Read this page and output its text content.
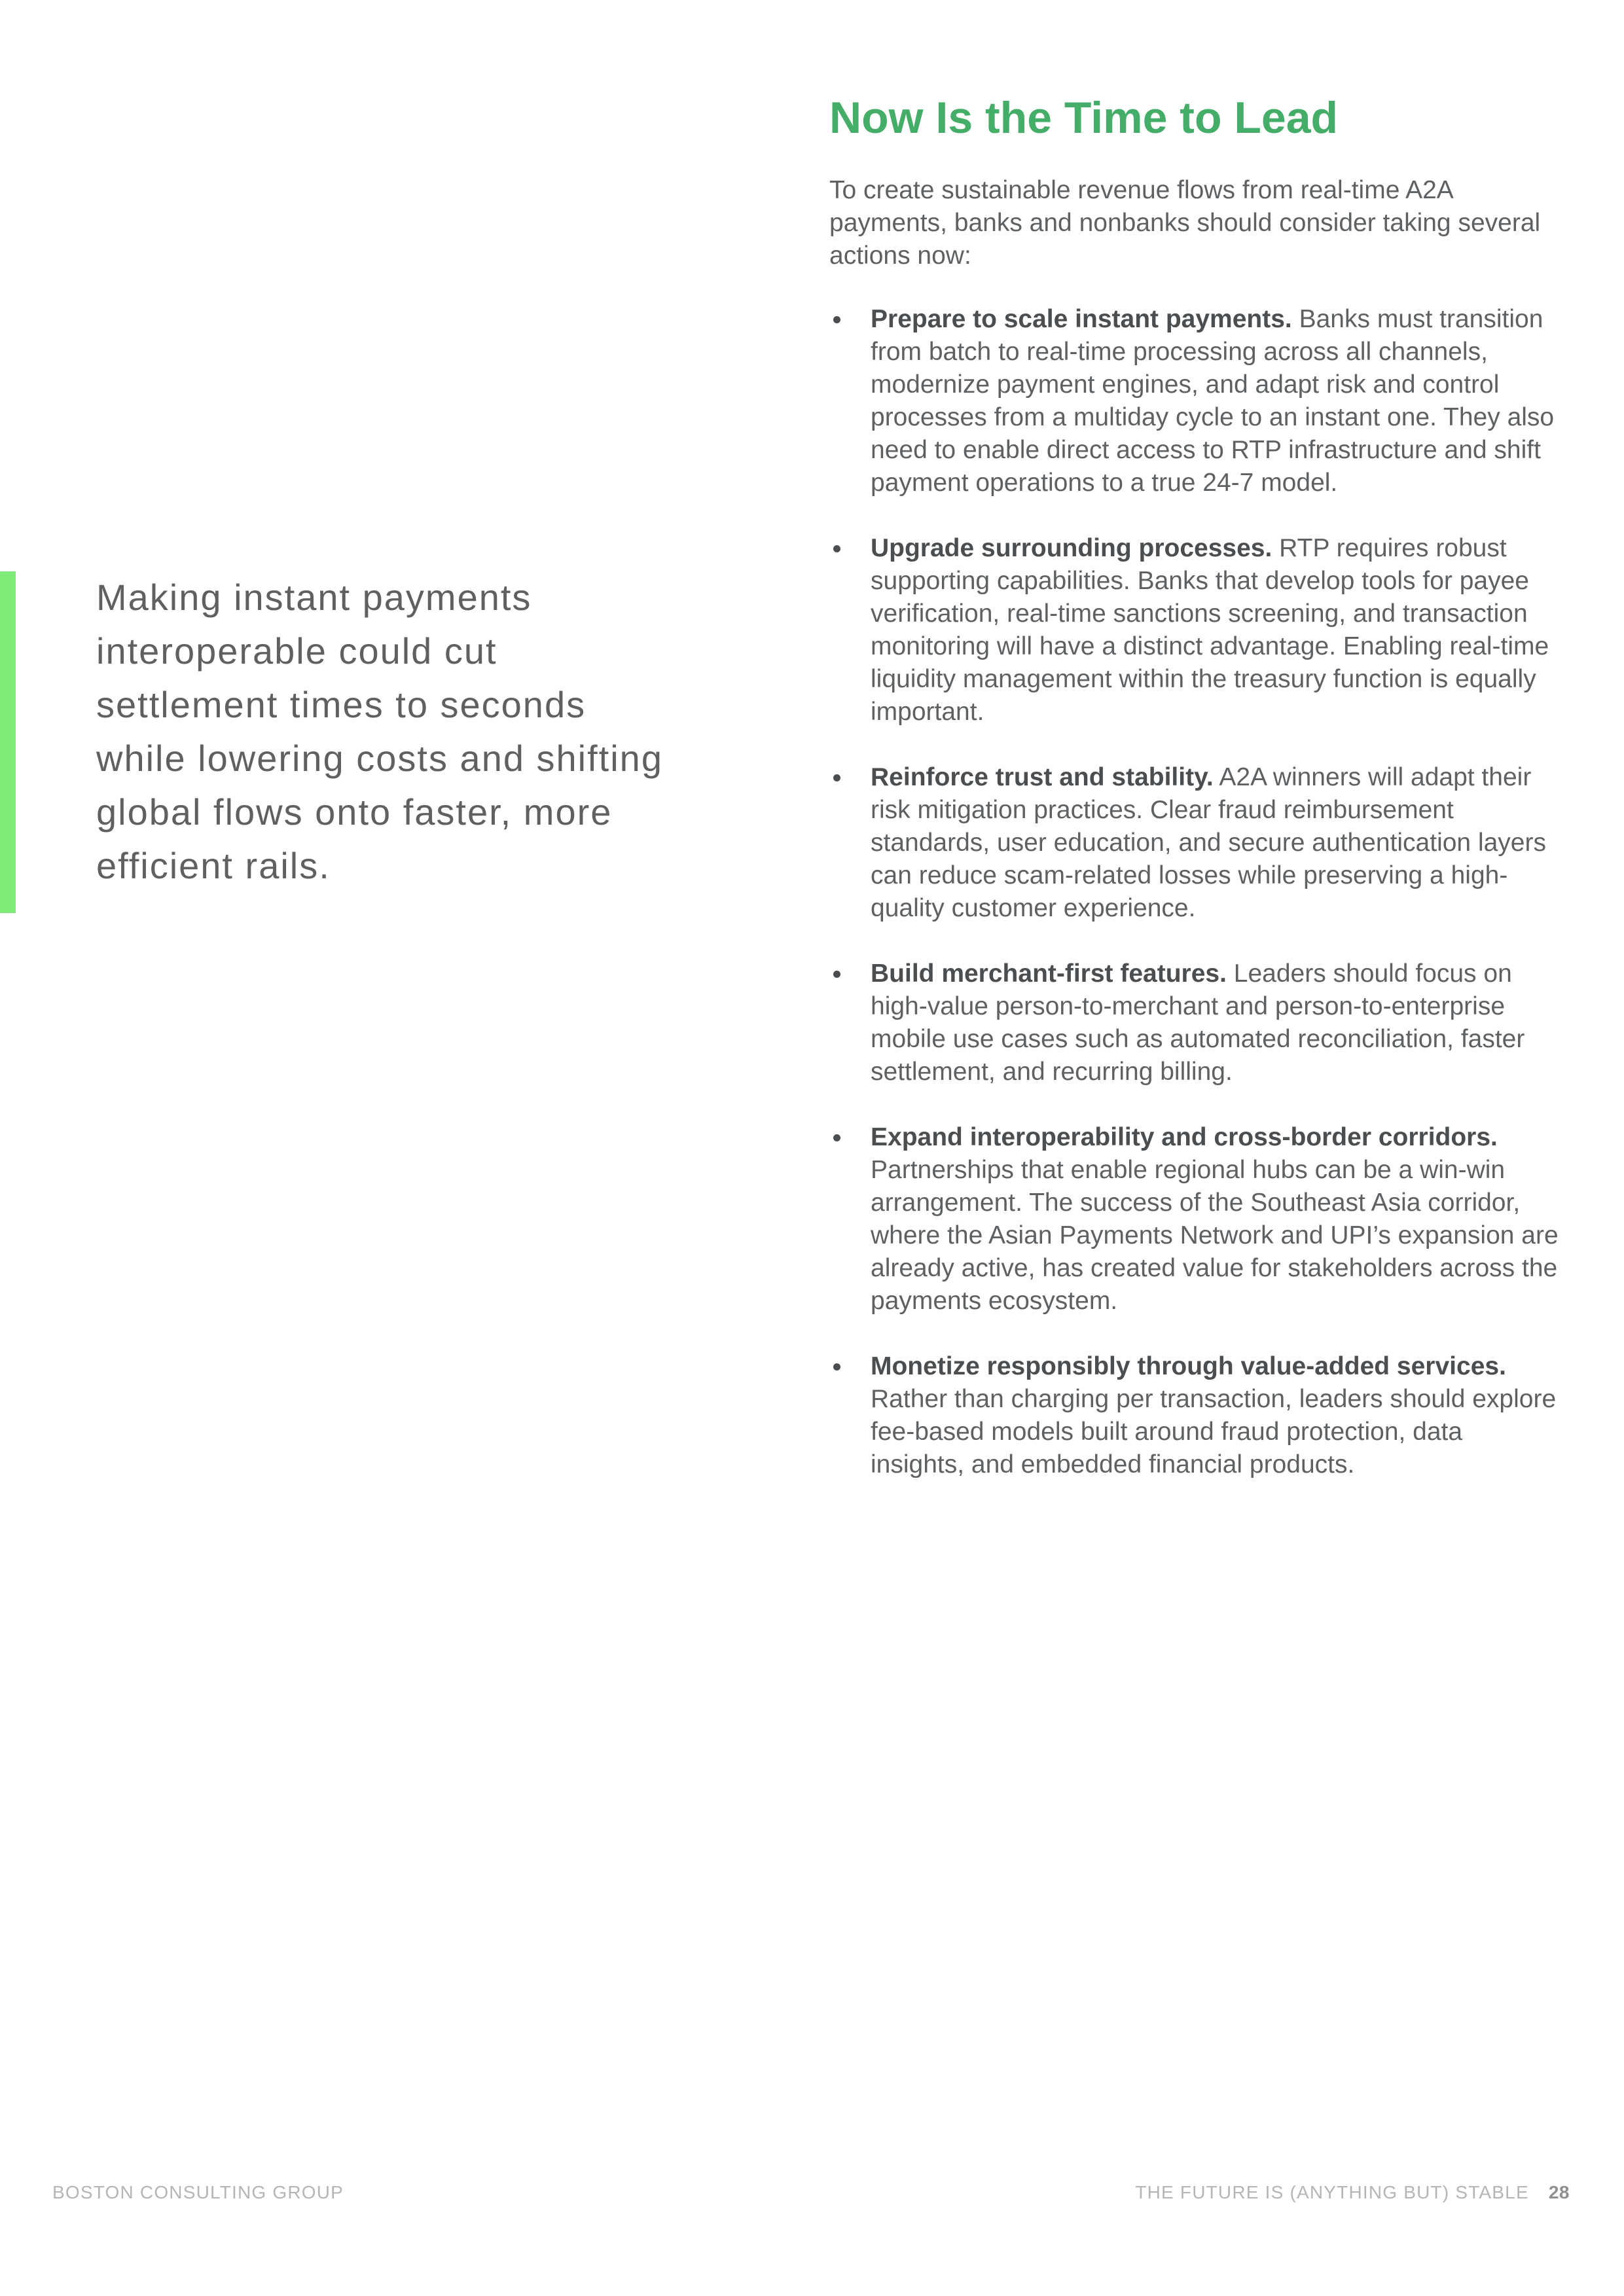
Making instant payments interoperable could cut settlement times to seconds while lowering costs and shifting global flows onto faster, more efficient rails.

Now Is the Time to Lead

To create sustainable revenue flows from real-time A2A payments, banks and nonbanks should consider taking several actions now:

Prepare to scale instant payments. Banks must transition from batch to real-time processing across all channels, modernize payment engines, and adapt risk and control processes from a multiday cycle to an instant one. They also need to enable direct access to RTP infrastructure and shift payment operations to a true 24-7 model.
Upgrade surrounding processes. RTP requires robust supporting capabilities. Banks that develop tools for payee verification, real-time sanctions screening, and transaction monitoring will have a distinct advantage. Enabling real-time liquidity management within the treasury function is equally important.
Reinforce trust and stability. A2A winners will adapt their risk mitigation practices. Clear fraud reimbursement standards, user education, and secure authentication layers can reduce scam-related losses while preserving a high-quality customer experience.
Build merchant-first features. Leaders should focus on high-value person-to-merchant and person-to-enterprise mobile use cases such as automated reconciliation, faster settlement, and recurring billing.
Expand interoperability and cross-border corridors. Partnerships that enable regional hubs can be a win-win arrangement. The success of the Southeast Asia corridor, where the Asian Payments Network and UPI’s expansion are already active, has created value for stakeholders across the payments ecosystem.
Monetize responsibly through value-added services. Rather than charging per transaction, leaders should explore fee-based models built around fraud protection, data insights, and embedded financial products.
BOSTON CONSULTING GROUP	THE FUTURE IS (ANYTHING BUT) STABLE 28
